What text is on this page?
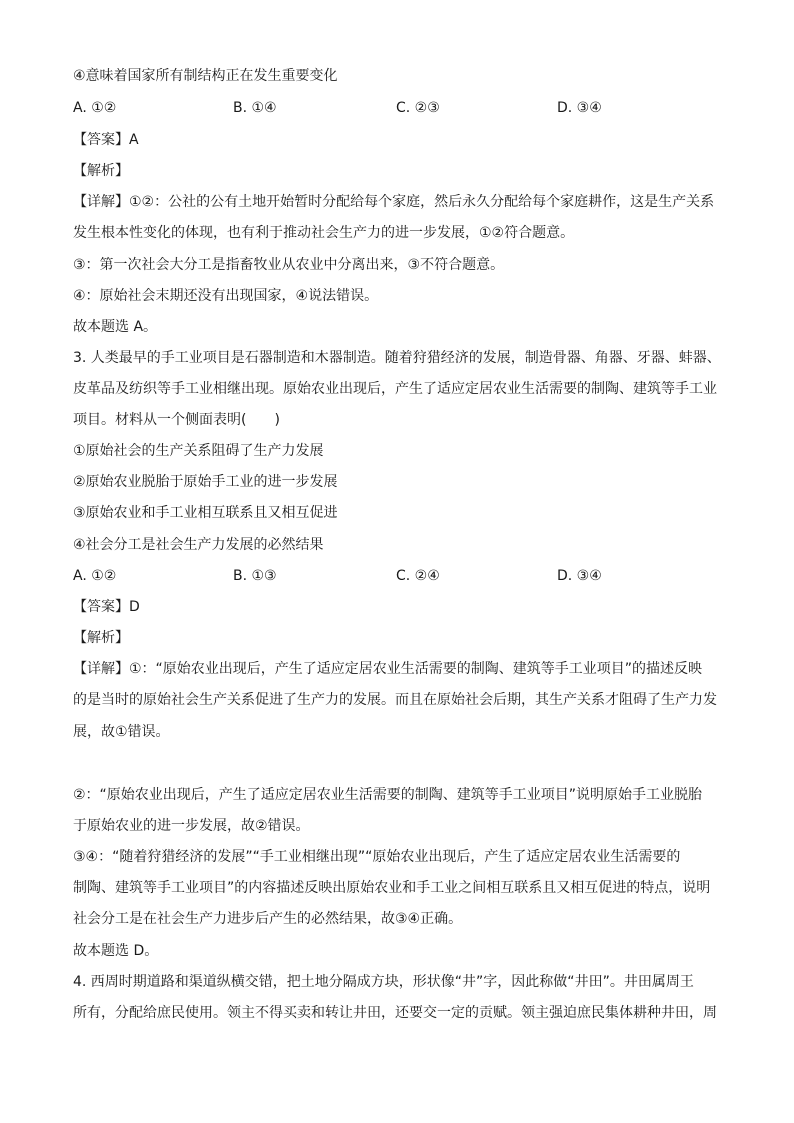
④意味着国家所有制结构正在发生重要变化
A. ①②	B. ①④	C. ②③	D. ③④
【答案】A
【解析】
【详解】①②：公社的公有土地开始暂时分配给每个家庭，然后永久分配给每个家庭耕作，这是生产关系
发生根本性变化的体现，也有利于推动社会生产力的进一步发展，①②符合题意。
③：第一次社会大分工是指畜牧业从农业中分离出来，③不符合题意。
④：原始社会末期还没有出现国家，④说法错误。
故本题选 A。
3. 人类最早的手工业项目是石器制造和木器制造。随着狩猎经济的发展，制造骨器、角器、牙器、蚌器、
皮革品及纺织等手工业相继出现。原始农业出现后，产生了适应定居农业生活需要的制陶、建筑等手工业
项目。材料从一个侧面表明(　　)
①原始社会的生产关系阻碍了生产力发展
②原始农业脱胎于原始手工业的进一步发展
③原始农业和手工业相互联系且又相互促进
④社会分工是社会生产力发展的必然结果
A. ①②	B. ①③	C. ②④	D. ③④
【答案】D
【解析】
【详解】①：“原始农业出现后，产生了适应定居农业生活需要的制陶、建筑等手工业项目”的描述反映
的是当时的原始社会生产关系促进了生产力的发展。而且在原始社会后期，其生产关系才阻碍了生产力发
展，故①错误。
②：“原始农业出现后，产生了适应定居农业生活需要的制陶、建筑等手工业项目”说明原始手工业脱胎
于原始农业的进一步发展，故②错误。
③④：“随着狩猎经济的发展”“手工业相继出现”“原始农业出现后，产生了适应定居农业生活需要的
制陶、建筑等手工业项目”的内容描述反映出原始农业和手工业之间相互联系且又相互促进的特点，说明
社会分工是在社会生产力进步后产生的必然结果，故③④正确。
故本题选 D。
4. 西周时期道路和渠道纵横交错，把土地分隔成方块，形状像“井”字，因此称做“井田”。井田属周王
所有，分配给庶民使用。领主不得买卖和转让井田，还要交一定的贡赋。领主强迫庶民集体耕种井田，周
